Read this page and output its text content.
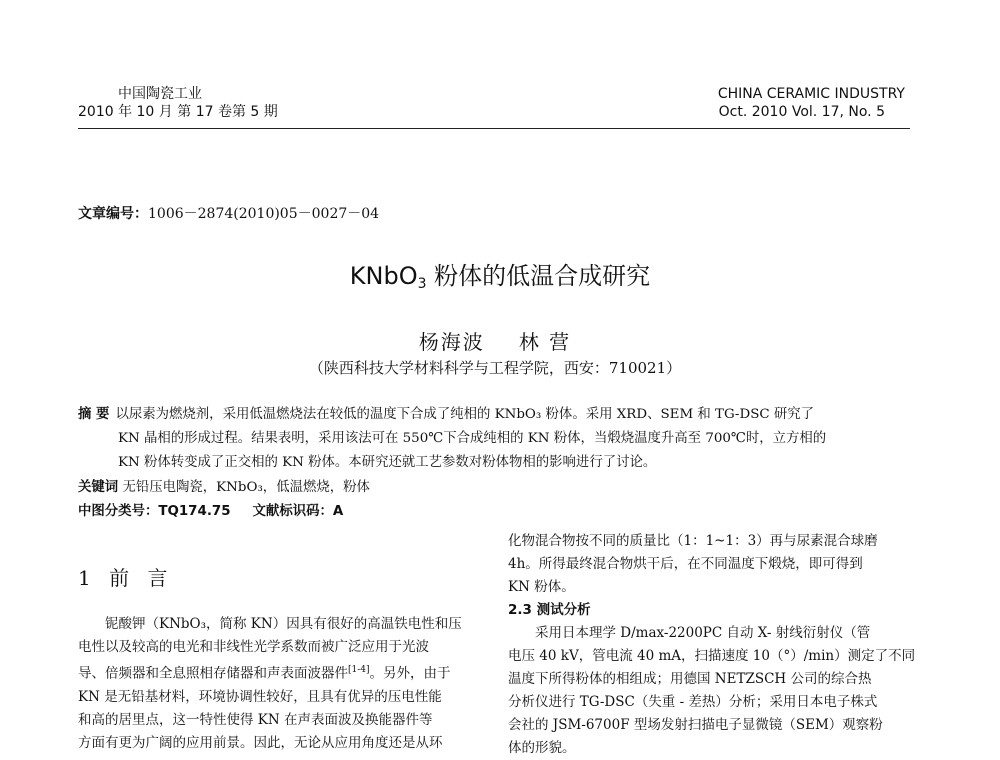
中国陶瓷工业
2010 年 10 月 第 17 卷第 5 期
CHINA CERAMIC INDUSTRY
Oct. 2010 Vol. 17, No. 5
文章编号：1006－2874(2010)05－0027－04
KNbO$_3$ 粉体的低温合成研究
杨海波 林 营
（陕西科技大学材料科学与工程学院，西安：710021）
摘 要 以尿素为燃烧剂，采用低温燃烧法在较低的温度下合成了纯相的 KNbO₃ 粉体。采用 XRD、SEM 和 TG-DSC 研究了
KN 晶相的形成过程。结果表明，采用该法可在 550℃下合成纯相的 KN 粉体，当煅烧温度升高至 700℃时，立方相的
KN 粉体转变成了正交相的 KN 粉体。本研究还就工艺参数对粉体物相的影响进行了讨论。
关键词 无铅压电陶瓷，KNbO₃，低温燃烧，粉体
中图分类号：TQ174.75 文献标识码：A
1 前 言
铌酸钾（KNbO₃，简称 KN）因具有很好的高温铁电性和压
电性以及较高的电光和非线性光学系数而被广泛应用于光波
导、倍频器和全息照相存储器和声表面波器件[1-4]。另外，由于
KN 是无铅基材料，环境协调性较好，且具有优异的压电性能
和高的居里点，这一特性使得 KN 在声表面波及换能器件等
方面有更为广阔的应用前景。因此，无论从应用角度还是从环
化物混合物按不同的质量比（1：1~1：3）再与尿素混合球磨
4h。所得最终混合物烘干后，在不同温度下煅烧，即可得到
KN 粉体。
2.3 测试分析
采用日本理学 D/max-2200PC 自动 X- 射线衍射仪（管
电压 40 kV，管电流 40 mA，扫描速度 10（°）/min）测定了不同
温度下所得粉体的相组成；用德国 NETZSCH 公司的综合热
分析仪进行 TG-DSC（失重 - 差热）分析；采用日本电子株式
会社的 JSM-6700F 型场发射扫描电子显微镜（SEM）观察粉
体的形貌。
